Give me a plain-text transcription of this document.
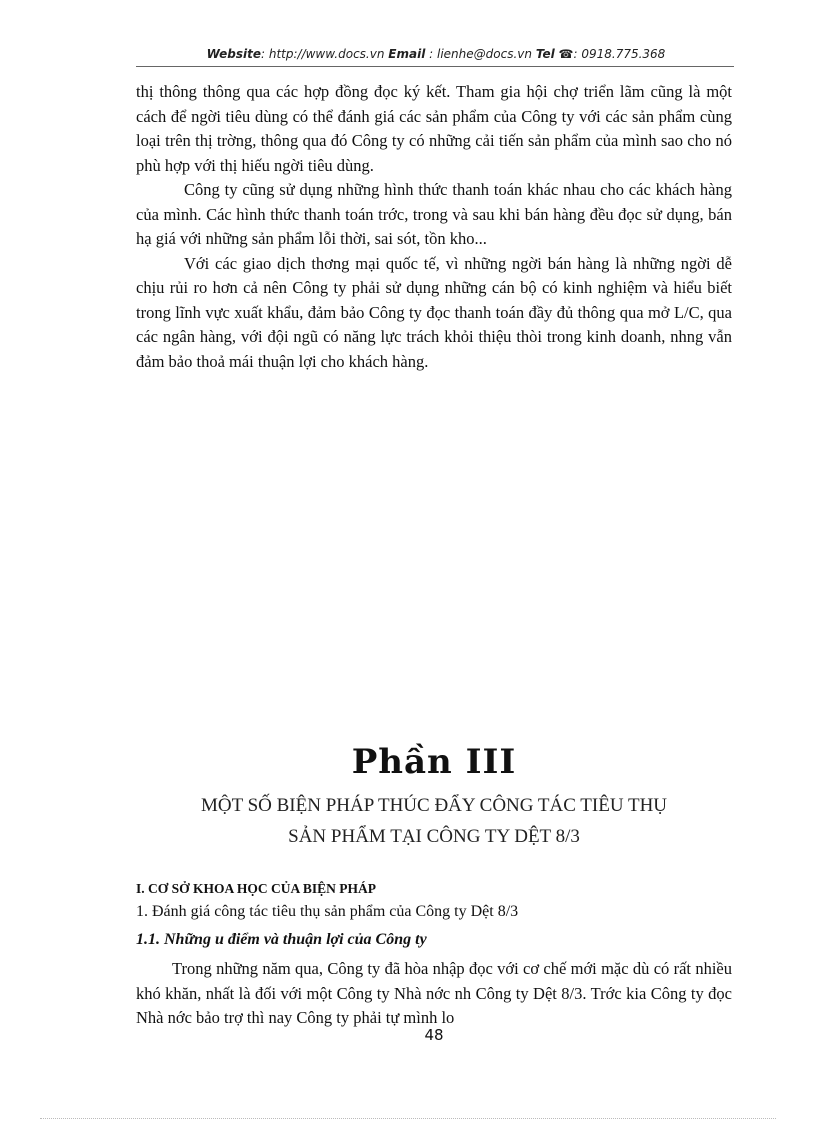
Website: http://www.docs.vn Email : lienhe@docs.vn Tel ☎: 0918.775.368

thị thông thông qua các hợp đồng đọc ký kết. Tham gia hội chợ triển lãm cũng là một cách để ngời tiêu dùng có thể đánh giá các sản phẩm của Công ty với các sản phẩm cùng loại trên thị trờng, thông qua đó Công ty có những cải tiến sản phẩm của mình sao cho nó phù hợp với thị hiếu ngời tiêu dùng.

Công ty cũng sử dụng những hình thức thanh toán khác nhau cho các khách hàng của mình. Các hình thức thanh toán trớc, trong và sau khi bán hàng đều đọc sử dụng, bán hạ giá với những sản phẩm lỗi thời, sai sót, tồn kho...

Với các giao dịch thơng mại quốc tế, vì những ngời bán hàng là những ngời dễ chịu rủi ro hơn cả nên Công ty phải sử dụng những cán bộ có kinh nghiệm và hiểu biết trong lĩnh vực xuất khẩu, đảm bảo Công ty đọc thanh toán đầy đủ thông qua mở L/C, qua các ngân hàng, với đội ngũ có năng lực trách khỏi thiệu thòi trong kinh doanh, nhng vẫn đảm bảo thoả mái thuận lợi cho khách hàng.

Phần III
MỘT SỐ BIỆN PHÁP THÚC ĐẨY CÔNG TÁC TIÊU THỤ
SẢN PHẨM TẠI CÔNG TY DỆT 8/3
I. CƠ SỞ KHOA HỌC CỦA BIỆN PHÁP
1. Đánh giá công tác tiêu thụ sản phẩm của Công ty Dệt 8/3
1.1. Những u điểm và thuận lợi của Công ty

Trong những năm qua, Công ty đã hòa nhập đọc với cơ chế mới mặc dù có rất nhiều khó khăn, nhất là đối với một Công ty Nhà nớc nh Công ty Dệt 8/3. Trớc kia Công ty đọc Nhà nớc bảo trợ thì nay Công ty phải tự mình lo

48
